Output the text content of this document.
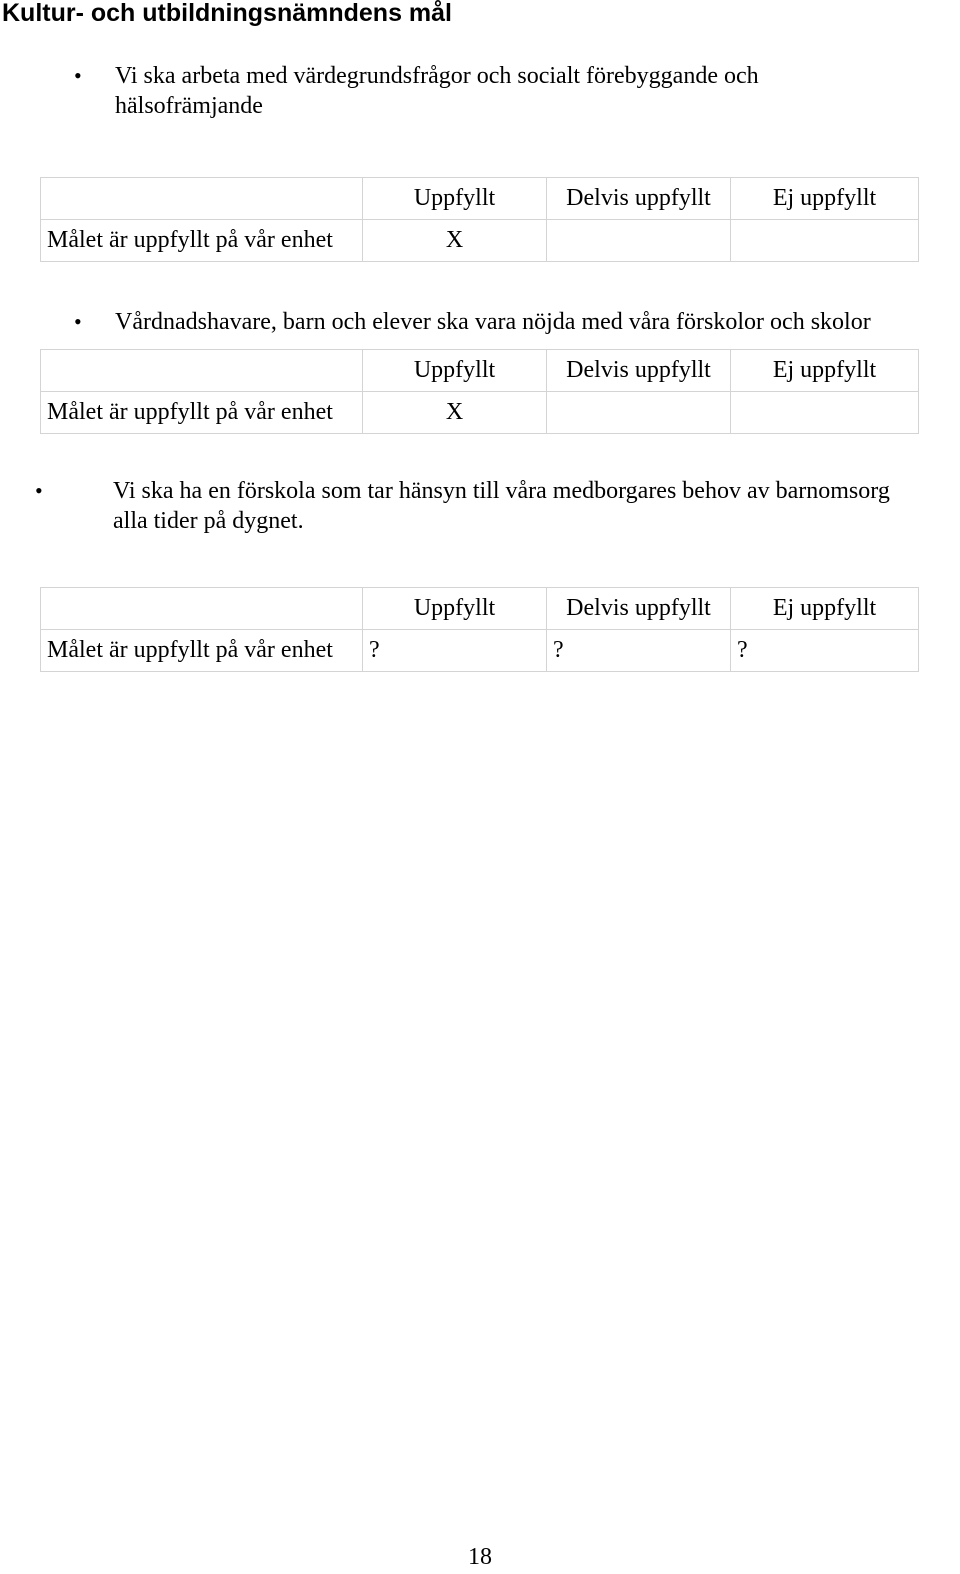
Kultur- och utbildningsnämndens mål
• Vi ska arbeta med värdegrundsfrågor och socialt förebyggande och
hälsofrämjande
	Uppfyllt	Delvis uppfyllt	Ej uppfyllt
Målet är uppfyllt på vår enhet	X		
• Vårdnadshavare, barn och elever ska vara nöjda med våra förskolor och skolor
	Uppfyllt	Delvis uppfyllt	Ej uppfyllt
Målet är uppfyllt på vår enhet	X		
•	Vi ska ha en förskola som tar hänsyn till våra medborgares behov av barnomsorg
alla tider på dygnet.
	Uppfyllt	Delvis uppfyllt	Ej uppfyllt
Målet är uppfyllt på vår enhet	?	?	?
18
